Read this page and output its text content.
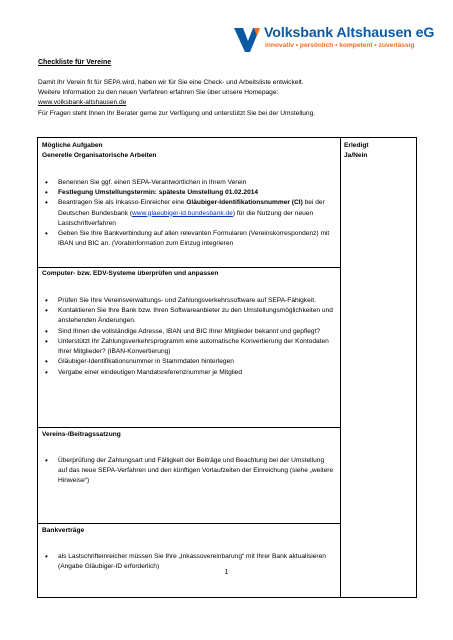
Volksbank Altshausen eG
innovativ • persönlich • kompetent • zuverlässig
Checkliste für Vereine

Damit Ihr Verein fit für SEPA wird, haben wir für Sie eine Check- und Arbeitsliste entwickelt.

Weitere Information zu den neuen Verfahren erfahren Sie über unsere Homepage:

www.volksbank-altshausen.de

Für Fragen steht Ihnen Ihr Berater gerne zur Verfügung und unterstützt Sie bei der Umstellung.

Mögliche Aufgaben	Erledigt
Ja/Nein
Generelle Organisatorische Arbeiten
• Benennen Sie ggf. einen SEPA-Verantwortlichen in Ihrem Verein
• Festlegung Umstellungstermin: späteste Umstellung 01.02.2014
• Beantragen Sie als Inkasso-Einreicher eine Gläubiger-Identifikationsnummer (CI) bei der Deutschen Bundesbank (www.glaeubiger-id.bundesbank.de) für die Nutzung der neuen Lastschriftverfahren
• Geben Sie Ihre Bankverbindung auf allen relevanten Formularen (Vereinskorrespondenz) mit IBAN und BIC an. (Vorabinformation zum Einzug integrieren
Computer- bzw. EDV-Systeme überprüfen und anpassen
• Prüfen Sie Ihre Vereinsverwaltungs- und Zahlungsverkehrssoftware auf SEPA-Fähigkeit.
• Kontaktieren Sie Ihre Bank bzw. Ihren Softwareanbieter zu den Umstellungsmöglichkeiten und anstehenden Änderungen.
• Sind Ihnen die vollständige Adresse, IBAN und BIC Ihrer Mitglieder bekannt und gepflegt?
• Unterstützt Ihr Zahlungsverkehrsprogramm eine automatische Konvertierung der Kontodaten Ihrer Mitglieder? (IBAN-Konvertierung)
• Gläubiger-Identifikationsnummer in Stammdaten hinterlegen
• Vergabe einer eindeutigen Mandatsreferenznummer je Mitglied
Vereins-/Beitragssatzung
• Überprüfung der Zahlungsart und Fälligkeit der Beiträge und Beachtung bei der Umstellung auf das neue SEPA-Verfahren und den künftigen Vorlaufzeiten der Einreichung (siehe „weitere Hinweise“)
Bankverträge
• als Lastschrifteinreicher müssen Sie Ihre „Inkassovereinbarung“ mit Ihrer Bank aktualisieren (Angabe Gläubiger-ID erforderlich)
1
